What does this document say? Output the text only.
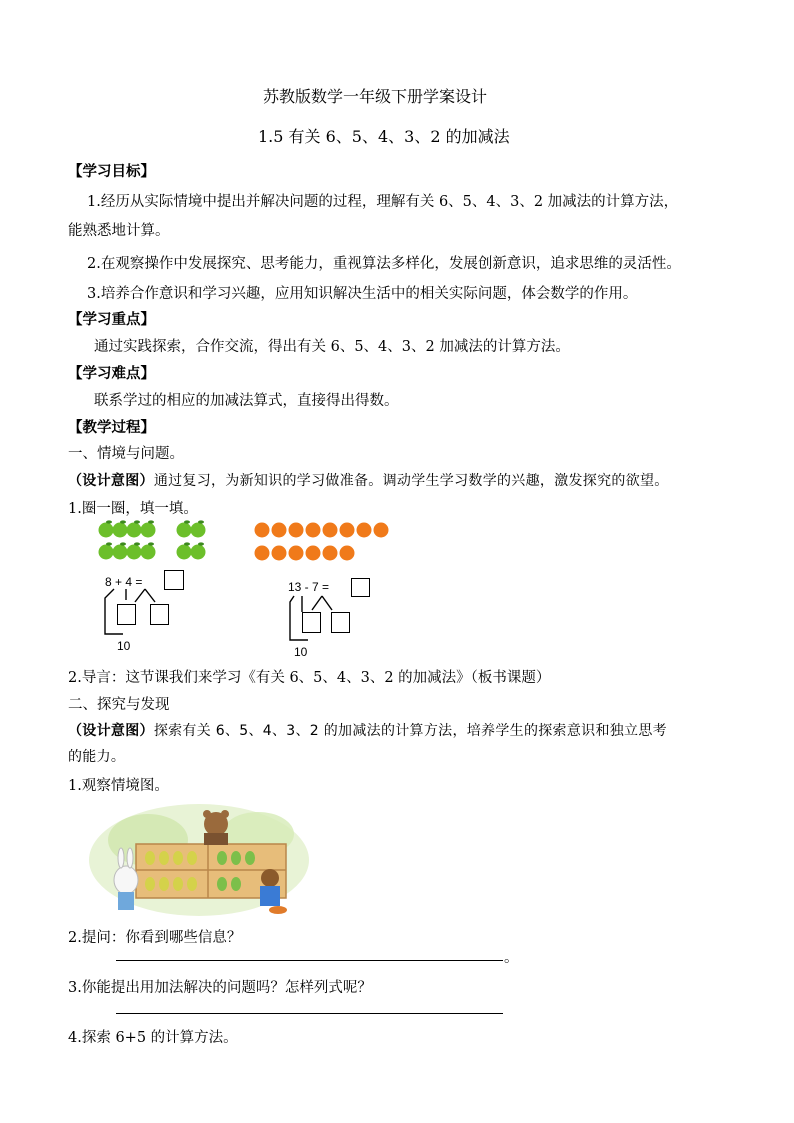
苏教版数学一年级下册学案设计
1.5 有关 6、5、4、3、2 的加减法
【学习目标】
1.经历从实际情境中提出并解决问题的过程，理解有关 6、5、4、3、2 加减法的计算方法，
能熟悉地计算。
2.在观察操作中发展探究、思考能力，重视算法多样化，发展创新意识，追求思维的灵活性。
3.培养合作意识和学习兴趣，应用知识解决生活中的相关实际问题，体会数学的作用。
【学习重点】
通过实践探索，合作交流，得出有关 6、5、4、3、2 加减法的计算方法。
【学习难点】
联系学过的相应的加减法算式，直接得出得数。
【教学过程】
一、情境与问题。
（设计意图）通过复习，为新知识的学习做准备。调动学生学习数学的兴趣，激发探究的欲望。
1.圈一圈，填一填。
8 + 4 =
10
13 - 7 =
10
2.导言：这节课我们来学习《有关 6、5、4、3、2 的加减法》（板书课题）
二、探究与发现
（设计意图）探索有关 6、5、4、3、2 的加减法的计算方法，培养学生的探索意识和独立思考
的能力。
1.观察情境图。
2.提问：你看到哪些信息？
。
3.你能提出用加法解决的问题吗？怎样列式呢？
4.探索 6+5 的计算方法。
